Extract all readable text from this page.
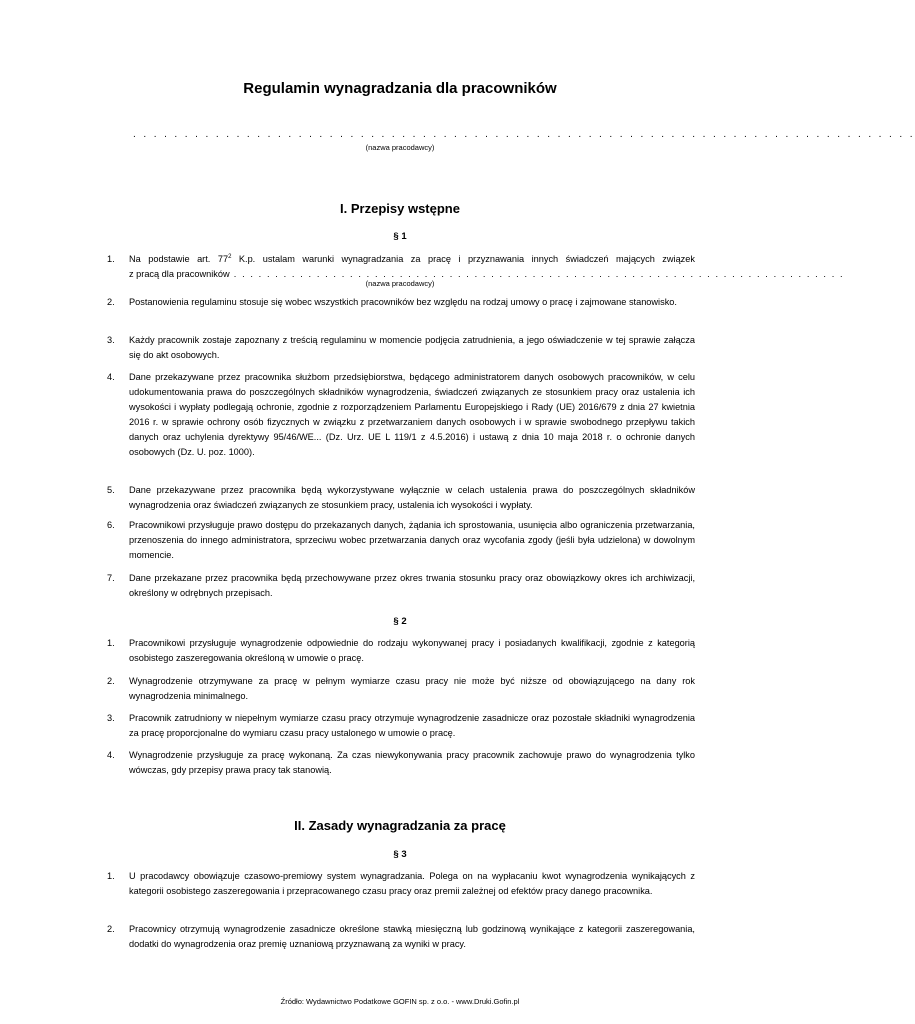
Regulamin wynagradzania dla pracowników
. . . . . . . . . . . . . . . . . . . . . . . . . . . . . . . . . . . . . . . . . . . . . . . . . . . . . . . . . . . . . . . . . . . . . . . . . . . .
(nazwa pracodawcy)
I. Przepisy wstępne
§ 1
1. Na podstawie art. $77^2$ K.p. ustalam warunki wynagradzania za pracę i przyznawania innych świadczeń mających związek
z pracą dla pracowników . . . . . . . . . . . . . . . . . . . . . . . . . . . . . . . . . . . . . . . . . . . . . . . . . . . . . . . . . . . . . . . . . . . . . . . . . .
(nazwa pracodawcy)
2. Postanowienia regulaminu stosuje się wobec wszystkich pracowników bez względu na rodzaj umowy o pracę i zajmowane stanowisko.
3. Każdy pracownik zostaje zapoznany z treścią regulaminu w momencie podjęcia zatrudnienia, a jego oświadczenie w tej sprawie załącza się do akt osobowych.
4. Dane przekazywane przez pracownika służbom przedsiębiorstwa, będącego administratorem danych osobowych pracowników, w celu udokumentowania prawa do poszczególnych składników wynagrodzenia, świadczeń związanych ze stosunkiem pracy oraz ustalenia ich wysokości i wypłaty podlegają ochronie, zgodnie z rozporządzeniem Parlamentu Europejskiego i Rady (UE) 2016/679 z dnia 27 kwietnia 2016 r. w sprawie ochrony osób fizycznych w związku z przetwarzaniem danych osobowych i w sprawie swobodnego przepływu takich danych oraz uchylenia dyrektywy 95/46/WE... (Dz. Urz. UE L 119/1 z 4.5.2016) i ustawą z dnia 10 maja 2018 r. o ochronie danych osobowych (Dz. U. poz. 1000).
5. Dane przekazywane przez pracownika będą wykorzystywane wyłącznie w celach ustalenia prawa do poszczególnych składników wynagrodzenia oraz świadczeń związanych ze stosunkiem pracy, ustalenia ich wysokości i wypłaty.
6. Pracownikowi przysługuje prawo dostępu do przekazanych danych, żądania ich sprostowania, usunięcia albo ograniczenia przetwarzania, przenoszenia do innego administratora, sprzeciwu wobec przetwarzania danych oraz wycofania zgody (jeśli była udzielona) w dowolnym momencie.
7. Dane przekazane przez pracownika będą przechowywane przez okres trwania stosunku pracy oraz obowiązkowy okres ich archiwizacji, określony w odrębnych przepisach.
§ 2
1. Pracownikowi przysługuje wynagrodzenie odpowiednie do rodzaju wykonywanej pracy i posiadanych kwalifikacji, zgodnie z kategorią osobistego zaszeregowania określoną w umowie o pracę.
2. Wynagrodzenie otrzymywane za pracę w pełnym wymiarze czasu pracy nie może być niższe od obowiązującego na dany rok wynagrodzenia minimalnego.
3. Pracownik zatrudniony w niepełnym wymiarze czasu pracy otrzymuje wynagrodzenie zasadnicze oraz pozostałe składniki wynagrodzenia za pracę proporcjonalne do wymiaru czasu pracy ustalonego w umowie o pracę.
4. Wynagrodzenie przysługuje za pracę wykonaną. Za czas niewykonywania pracy pracownik zachowuje prawo do wynagrodzenia tylko wówczas, gdy przepisy prawa pracy tak stanowią.
II. Zasady wynagradzania za pracę
§ 3
1. U pracodawcy obowiązuje czasowo-premiowy system wynagradzania. Polega on na wypłacaniu kwot wynagrodzenia wynikających z kategorii osobistego zaszeregowania i przepracowanego czasu pracy oraz premii zależnej od efektów pracy danego pracownika.
2. Pracownicy otrzymują wynagrodzenie zasadnicze określone stawką miesięczną lub godzinową wynikające z kategorii zaszeregowania, dodatki do wynagrodzenia oraz premię uznaniową przyznawaną za wyniki w pracy.
Źródło: Wydawnictwo Podatkowe GOFIN sp. z o.o. - www.Druki.Gofin.pl
